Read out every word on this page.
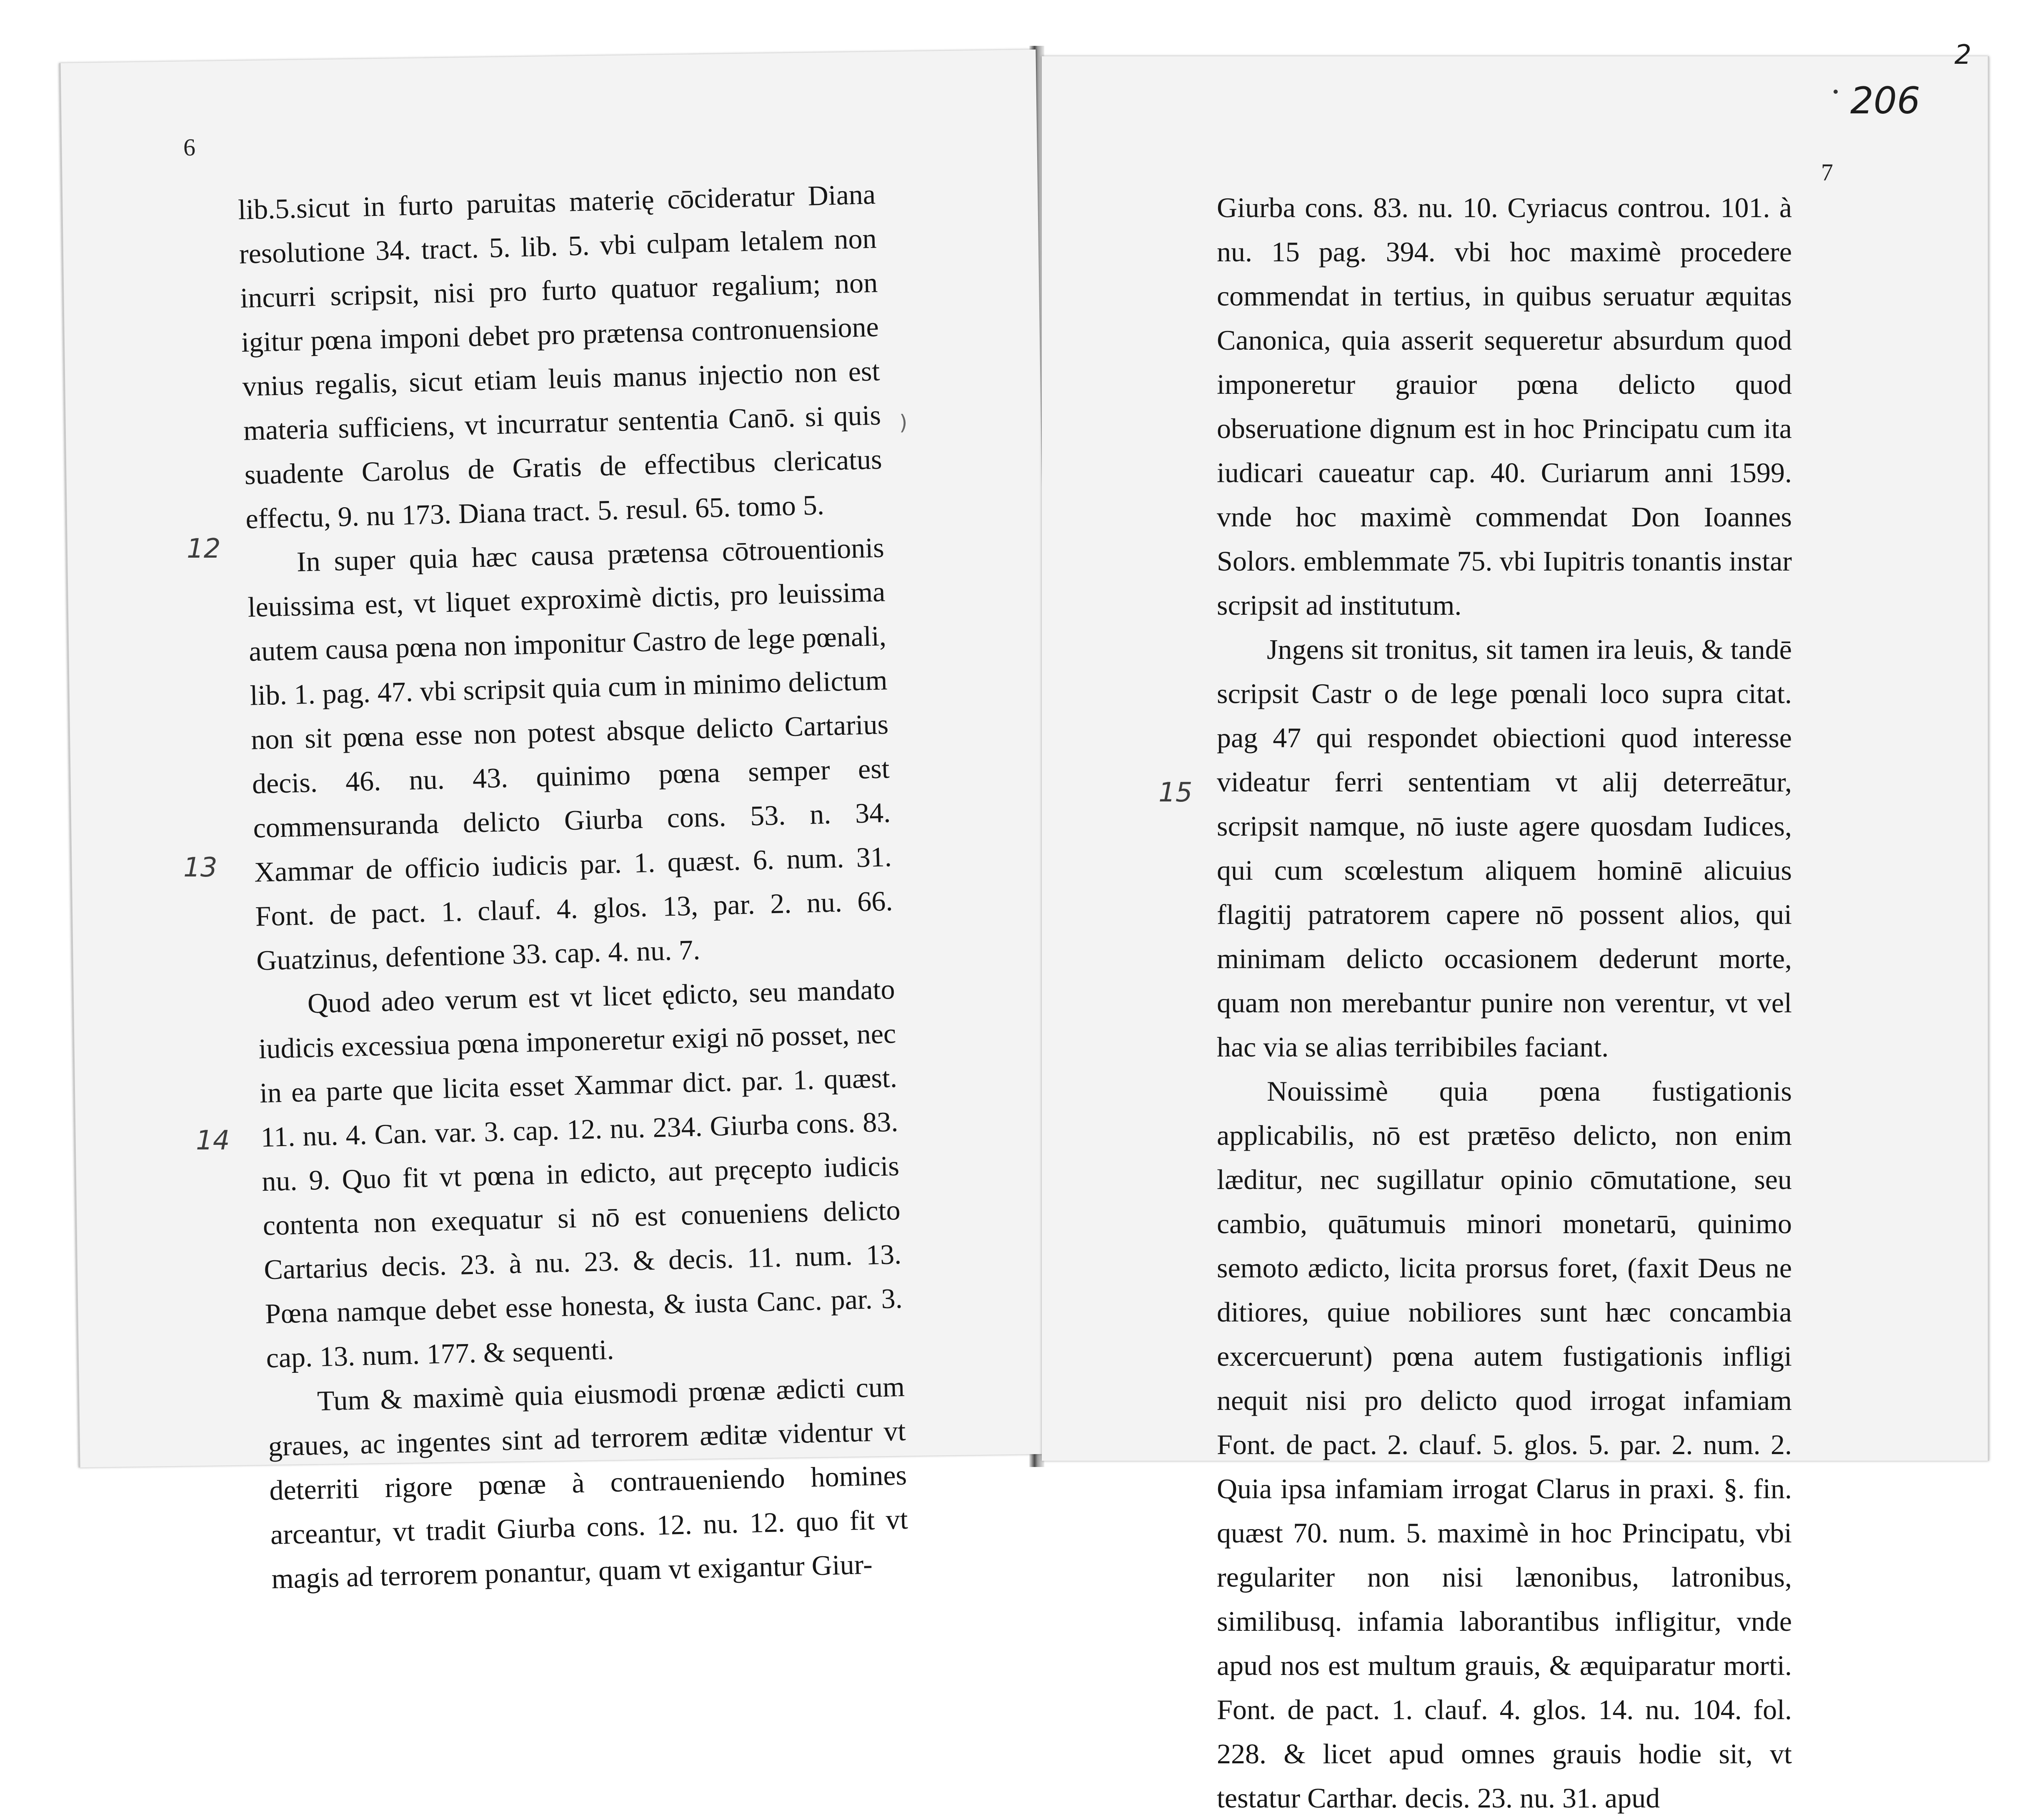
6

lib.5.sicut in furto paruitas materię cōcideratur Diana resolutione 34. tract. 5. lib. 5. vbi culpam letalem non incurri scripsit, nisi pro furto quatuor regalium; non igitur pœna imponi debet pro prætensa contronuensione vnius regalis, sicut etiam leuis manus injectio non est materia sufficiens, vt incurratur sententia Canō. si quis suadente Carolus de Gratis de effectibus clericatus effectu, 9. nu 173. Diana tract. 5. resul. 65. tomo 5.

In super quia hæc causa prætensa cōtrouentionis leuissima est, vt liquet exproximè dictis, pro leuissima autem causa pœna non imponitur Castro de lege pœnali, lib. 1. pag. 47. vbi scripsit quia cum in minimo delictum non sit pœna esse non potest absque delicto Cartarius decis. 46. nu. 43. quinimo pœna semper est commensuranda delicto Giurba cons. 53. n. 34. Xammar de officio iudicis par. 1. quæst. 6. num. 31. Font. de pact. 1. clauf. 4. glos. 13, par. 2. nu. 66. Guatzinus, defentione 33. cap. 4. nu. 7.

Quod adeo verum est vt licet ędicto, seu mandato iudicis excessiua pœna imponeretur exigi nō posset, nec in ea parte que licita esset Xammar dict. par. 1. quæst. 11. nu. 4. Can. var. 3. cap. 12. nu. 234. Giurba cons. 83. nu. 9. Quo fit vt pœna in edicto, aut pręcepto iudicis contenta non exequatur si nō est conueniens delicto Cartarius decis. 23. à nu. 23. & decis. 11. num. 13. Pœna namque debet esse honesta, & iusta Canc. par. 3. cap. 13. num. 177. & sequenti.

Tum & maximè quia eiusmodi prœnæ ædicti cum graues, ac ingentes sint ad terrorem æditæ videntur vt deterriti rigore pœnæ à contraueniendo homines arceantur, vt tradit Giurba cons. 12. nu. 12. quo fit vt magis ad terrorem ponantur, quam vt exigantur Giur-

7

Giurba cons. 83. nu. 10. Cyriacus controu. 101. à nu. 15 pag. 394. vbi hoc maximè procedere commendat in tertius, in quibus seruatur æquitas Canonica, quia asserit sequeretur absurdum quod imponeretur grauior pœna delicto quod obseruatione dignum est in hoc Principatu cum ita iudicari caueatur cap. 40. Curiarum anni 1599. vnde hoc maximè commendat Don Ioannes Solors. emblemmate 75. vbi Iupitris tonantis instar scripsit ad institutum.

Jngens sit tronitus, sit tamen ira leuis, & tandē scripsit Castr o de lege pœnali loco supra citat. pag 47 qui respondet obiectioni quod interesse videatur ferri sententiam vt alij deterreātur, scripsit namque, nō iuste agere quosdam Iudices, qui cum scœlestum aliquem hominē alicuius flagitij patratorem capere nō possent alios, qui minimam delicto occasionem dederunt morte, quam non merebantur punire non verentur, vt vel hac via se alias terribibiles faciant.

Nouissimè quia pœna fustigationis applicabilis, nō est prætēso delicto, non enim læditur, nec sugillatur opinio cōmutatione, seu cambio, quātumuis minori monetarū, quinimo semoto ædicto, licita prorsus foret, (faxit Deus ne ditiores, quiue nobiliores sunt hæc concambia excercuerunt) pœna autem fustigationis infligi nequit nisi pro delicto quod irrogat infamiam Font. de pact. 2. clauf. 5. glos. 5. par. 2. num. 2. Quia ipsa infamiam irrogat Clarus in praxi. §. fin. quæst 70. num. 5. maximè in hoc Principatu, vbi regulariter non nisi lænonibus, latronibus, similibusq. infamia laborantibus infligitur, vnde apud nos est multum grauis, & æquiparatur morti. Font. de pact. 1. clauf. 4. glos. 14. nu. 104. fol. 228. & licet apud omnes grauis hodie sit, vt testatur Carthar. decis. 23. nu. 31. apud

206
2
12
13
14
15
)
